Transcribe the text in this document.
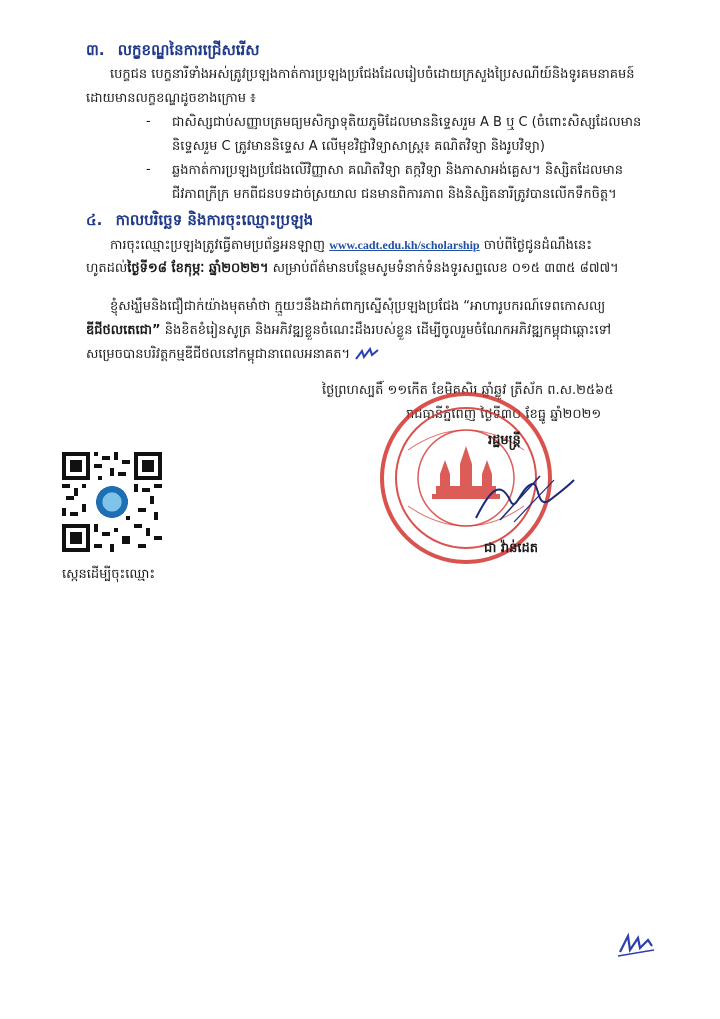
៣. លក្ខខណ្ឌនៃការជ្រើសរើស
បេក្ខជន បេក្ខនារីទាំងអស់ត្រូវប្រឡងកាត់ការប្រឡងប្រជែងដែលរៀបចំដោយក្រសួងប្រៃសណីយ៍និងទូរគមនាគមន៍
ដោយមានលក្ខខណ្ឌដូចខាងក្រោម ៖
- ជាសិស្សជាប់សញ្ញាបត្រមធ្យមសិក្សាទុតិយភូមិដែលមាននិទ្ទេសរួម A B ឬ C (ចំពោះសិស្សដែលមាន
និទ្ទេសរួម C ត្រូវមាននិទ្ទេស A លើមុខវិជ្ជាវិទ្យាសាស្ត្រ៖ គណិតវិទ្យា និងរូបវិទ្យា)
- ឆ្លងកាត់ការប្រឡងប្រជែងលើវិញ្ញាសា គណិតវិទ្យា តក្កវិទ្យា និងភាសាអង់គ្លេស។ និស្សិតដែលមាន
ជីវភាពក្រីក្រ មកពីជនបទដាច់ស្រយាល ជនមានពិការភាព និងនិស្សិតនារីត្រូវបានលើកទឹកចិត្ត។
៤. កាលបរិច្ឆេទ និងការចុះឈ្មោះប្រឡង
ការចុះឈ្មោះប្រឡងត្រូវធ្វើតាមប្រព័ន្ធអនឡាញ www.cadt.edu.kh/scholarship ចាប់ពីថ្ងៃជូនដំណឹងនេះ
ហូតដល់ថ្ងៃទី១៨ ខែកុម្ភៈ ឆ្នាំ២០២២។ សម្រាប់ព័ត៌មានបន្ថែមសូមទំនាក់ទំនងទូរសព្ទលេខ ០១៥ ៣៣៥ ៨៧៧។
ខ្ញុំសង្ឃឹមនិងជឿជាក់យ៉ាងមុតមាំថា ក្មួយៗនឹងដាក់ពាក្យស្នើសុំប្រឡងប្រជែង “អាហារូបករណ៍ទេពកោសល្យ
ឌីជីថលតេជោ” និងខិតខំរៀនសូត្រ និងអភិវឌ្ឍខ្លួនចំណេះដឹងរបស់ខ្លួន ដើម្បីចូលរួមចំណែកអភិវឌ្ឍកម្ពុជាឆ្ពោះទៅ
សម្រេចបានបរិវត្តកម្មឌីជីថលនៅកម្ពុជានាពេលអនាគត។
ថ្ងៃព្រហស្បតិ៍ ១១កើត ខែមិគសិរ ឆ្នាំឆ្លូវ ត្រីស័ក ព.ស.២៥៦៥
រាជធានីភ្នំពេញ ថ្ងៃទី៣០ ខែធ្នូ ឆ្នាំ២០២១
រដ្ឋមន្ត្រី
ជា វ៉ាន់ដេត
ស្កេនដើម្បីចុះឈ្មោះ
